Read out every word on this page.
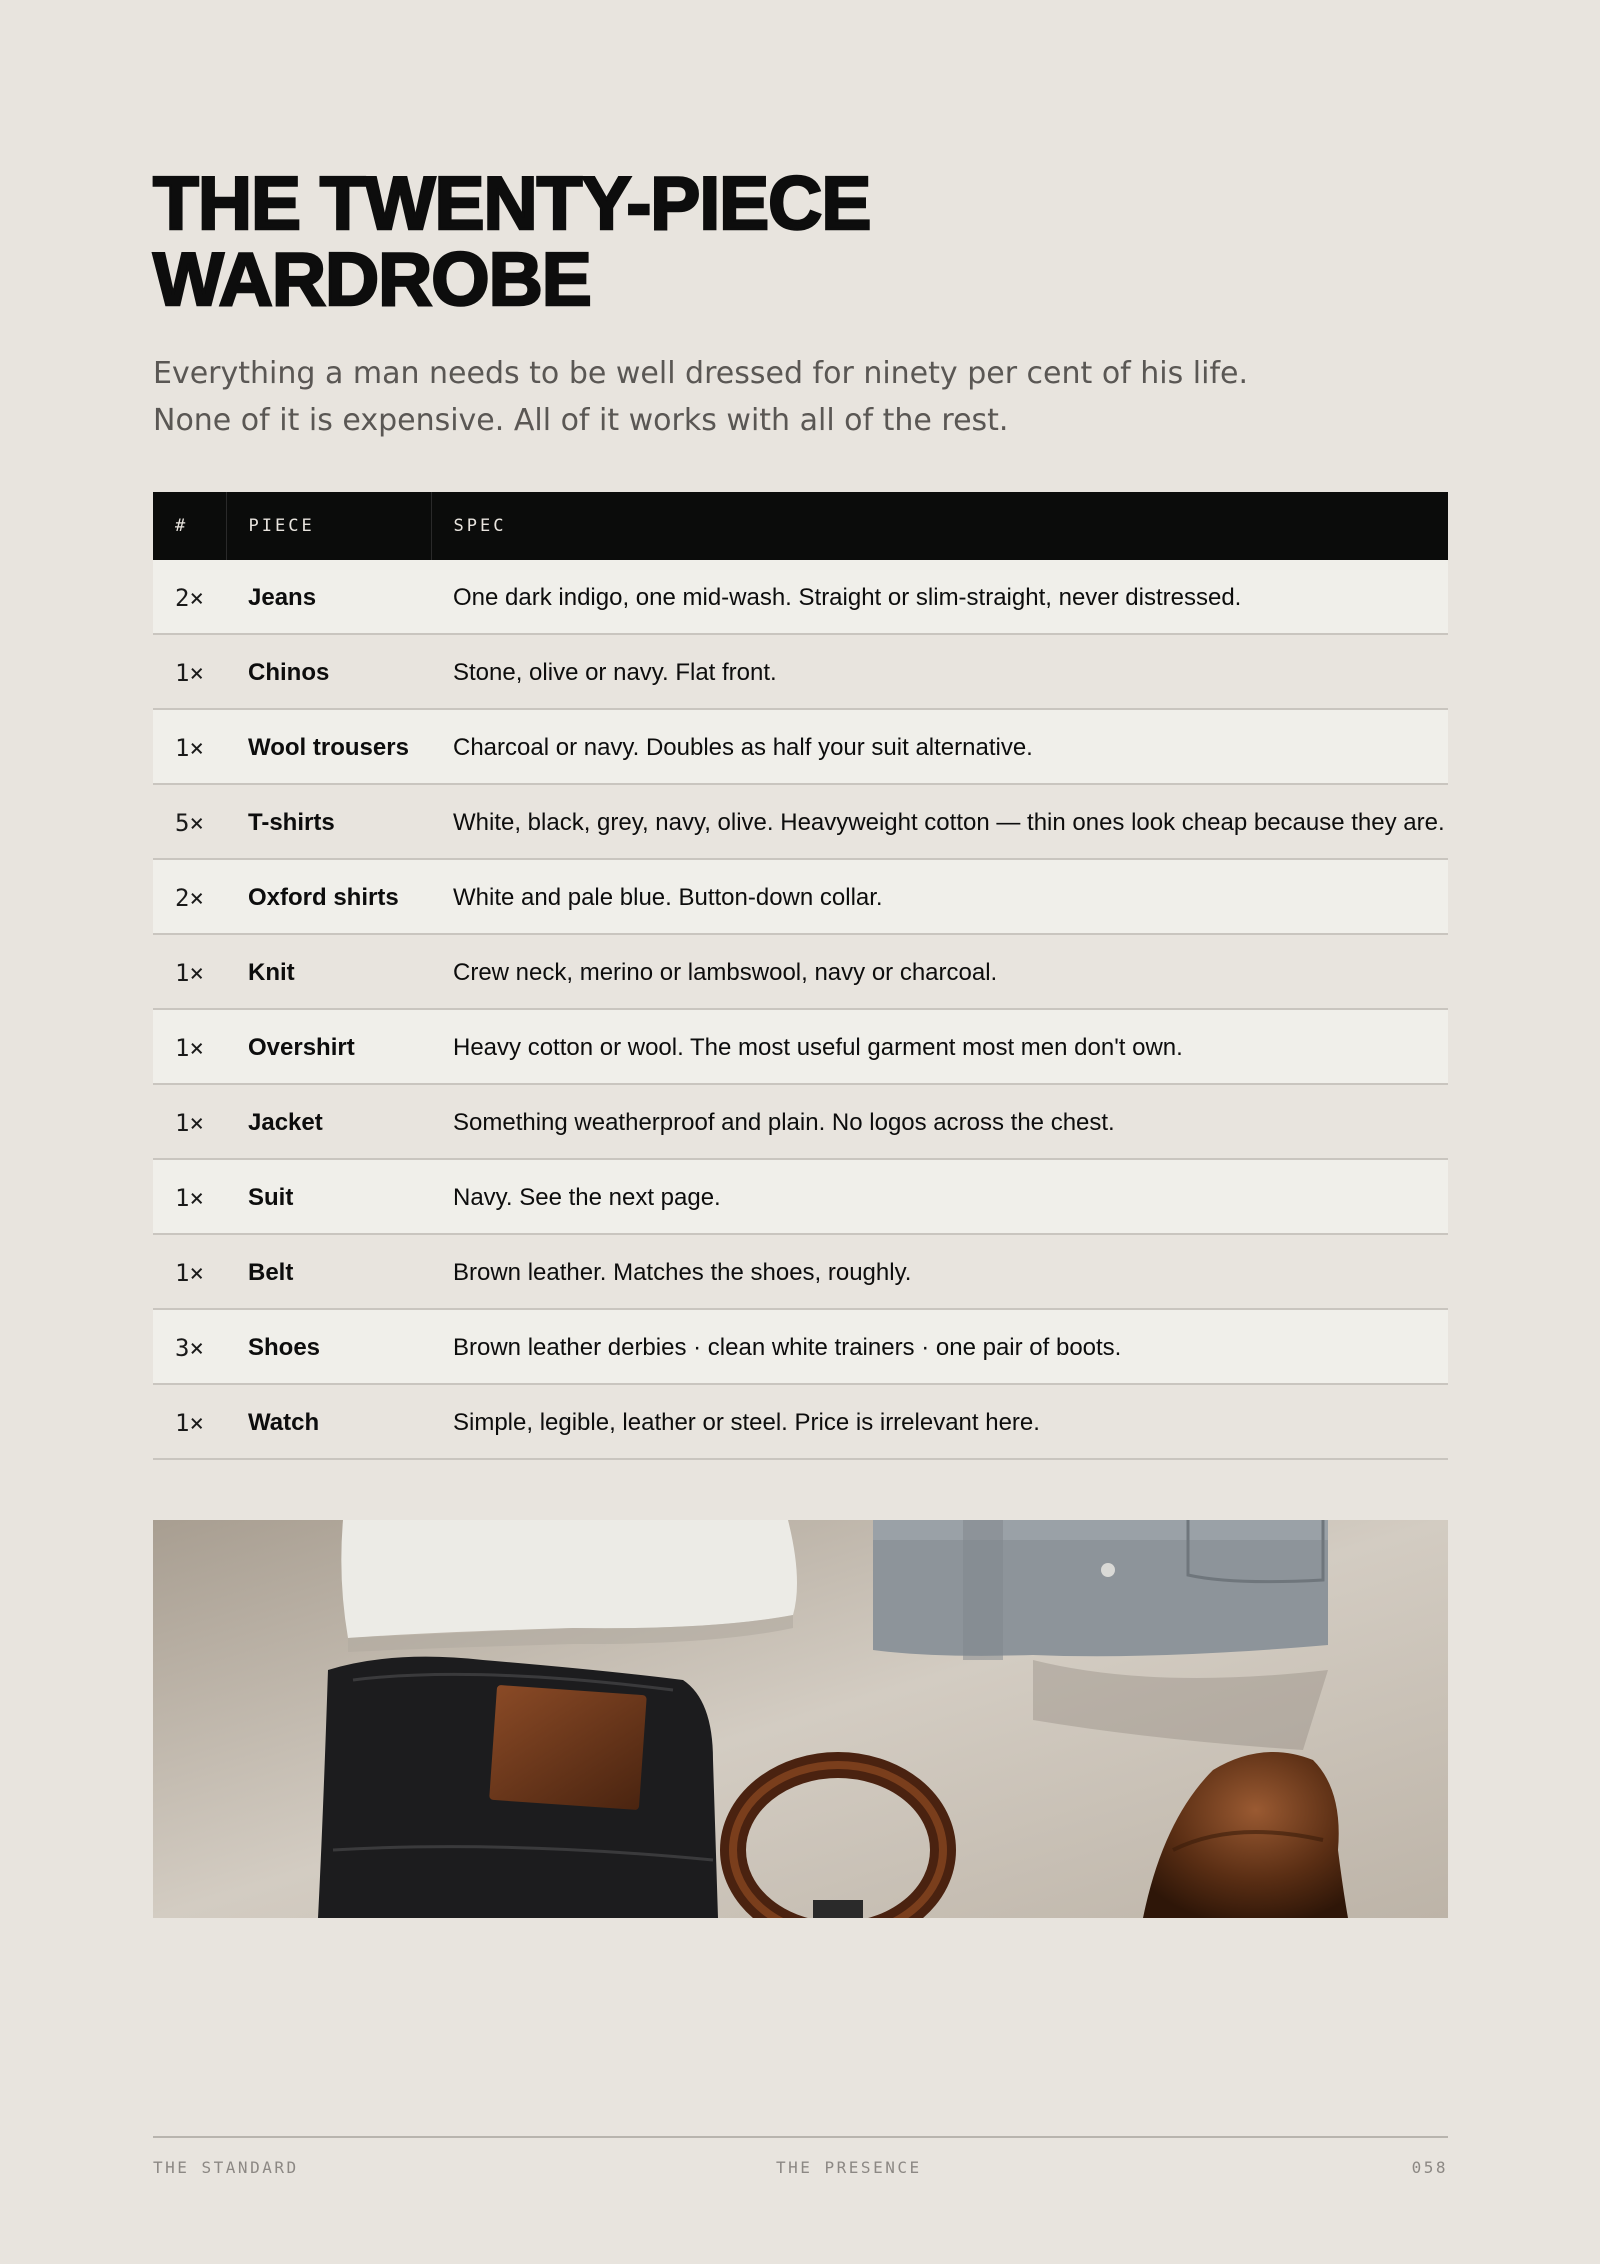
THE TWENTY-PIECE WARDROBE

Everything a man needs to be well dressed for ninety per cent of his life. None of it is expensive. All of it works with all of the rest.

#	PIECE	SPEC
2×	Jeans	One dark indigo, one mid-wash. Straight or slim-straight, never distressed.
1×	Chinos	Stone, olive or navy. Flat front.
1×	Wool trousers	Charcoal or navy. Doubles as half your suit alternative.
5×	T-shirts	White, black, grey, navy, olive. Heavyweight cotton — thin ones look cheap because they are.
2×	Oxford shirts	White and pale blue. Button-down collar.
1×	Knit	Crew neck, merino or lambswool, navy or charcoal.
1×	Overshirt	Heavy cotton or wool. The most useful garment most men don't own.
1×	Jacket	Something weatherproof and plain. No logos across the chest.
1×	Suit	Navy. See the next page.
1×	Belt	Brown leather. Matches the shoes, roughly.
3×	Shoes	Brown leather derbies · clean white trainers · one pair of boots.
1×	Watch	Simple, legible, leather or steel. Price is irrelevant here.
THE STANDARD	THE PRESENCE	058
